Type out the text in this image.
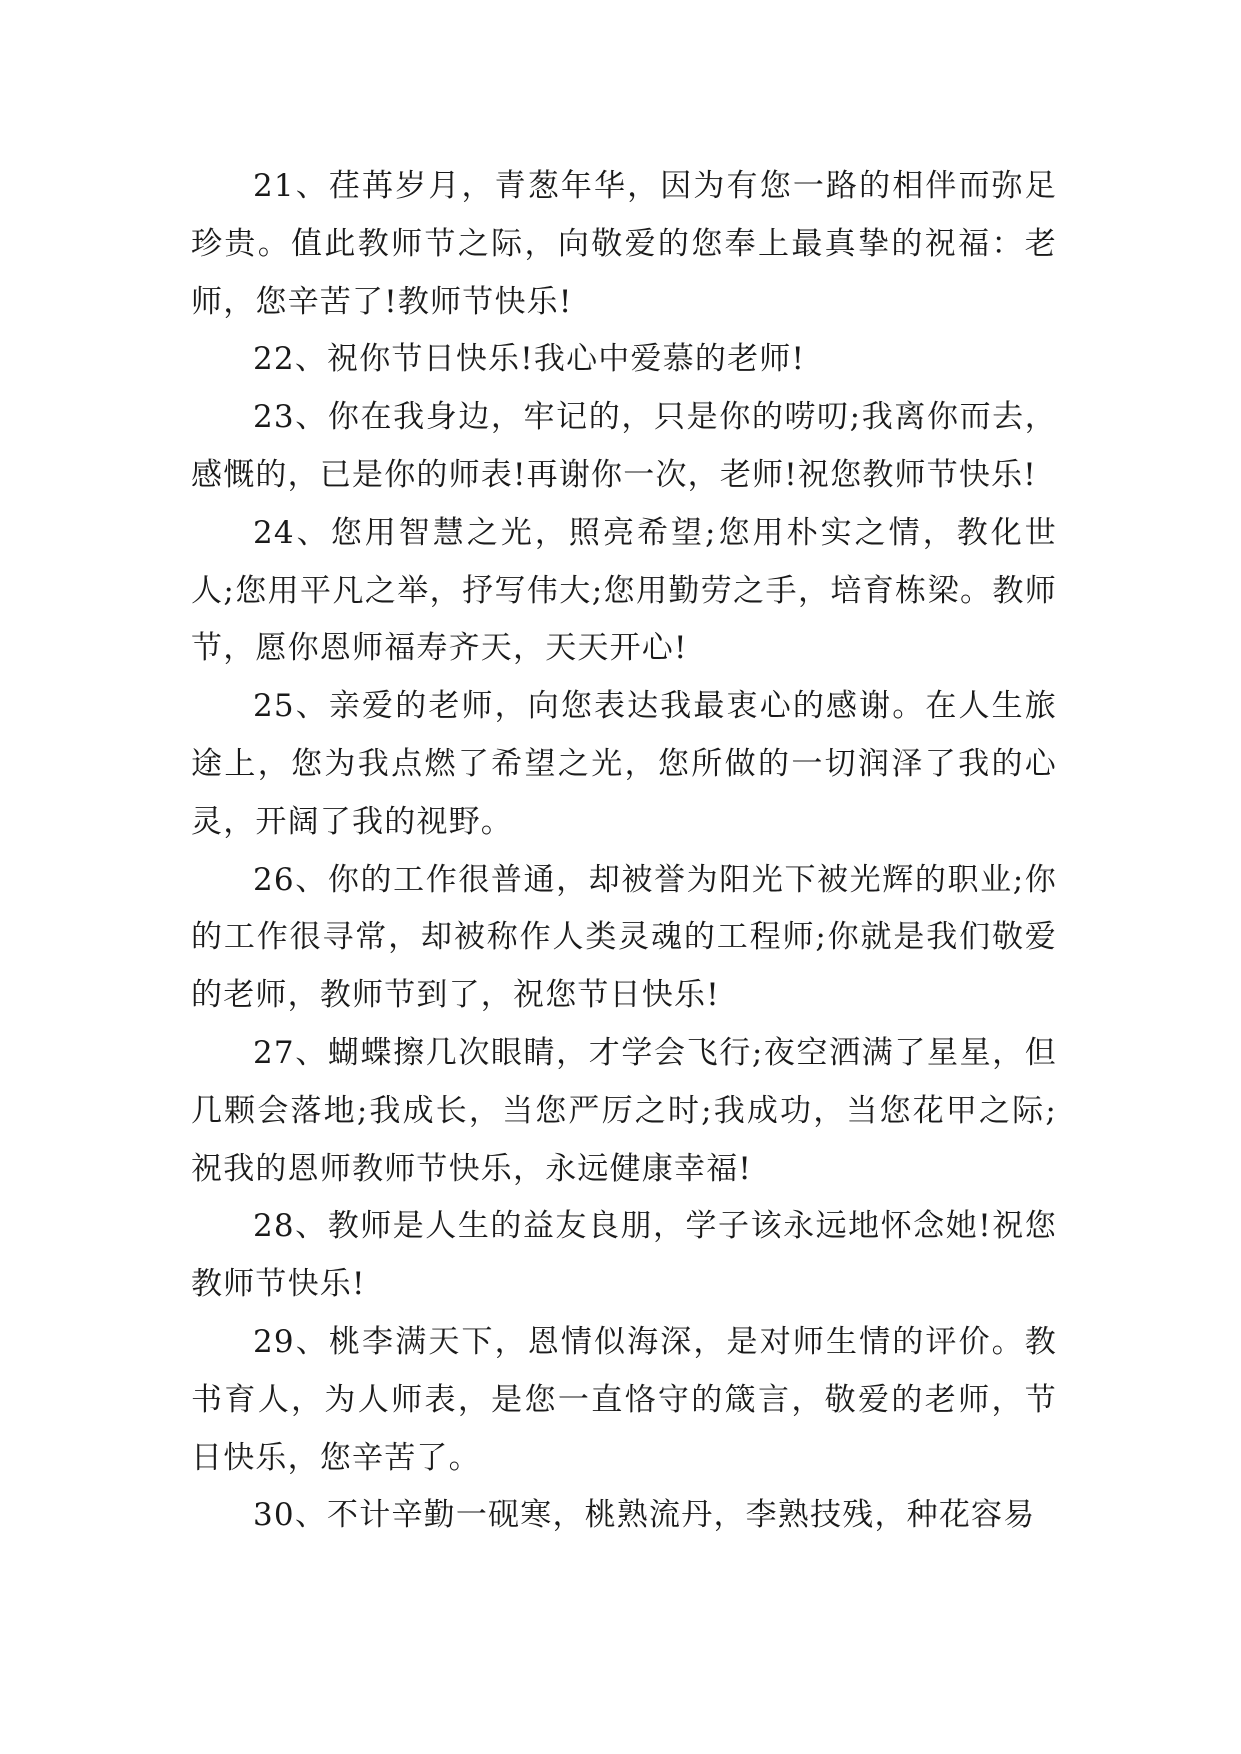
21、荏苒岁月，青葱年华，因为有您一路的相伴而弥足珍贵。值此教师节之际，向敬爱的您奉上最真挚的祝福：老师，您辛苦了!教师节快乐!

22、祝你节日快乐!我心中爱慕的老师!

23、你在我身边，牢记的，只是你的唠叨;我离你而去，感慨的，已是你的师表!再谢你一次，老师!祝您教师节快乐!

24、您用智慧之光，照亮希望;您用朴实之情，教化世人;您用平凡之举，抒写伟大;您用勤劳之手，培育栋梁。教师节，愿你恩师福寿齐天，天天开心!

25、亲爱的老师，向您表达我最衷心的感谢。在人生旅途上，您为我点燃了希望之光，您所做的一切润泽了我的心灵，开阔了我的视野。

26、你的工作很普通，却被誉为阳光下被光辉的职业;你的工作很寻常，却被称作人类灵魂的工程师;你就是我们敬爱的老师，教师节到了，祝您节日快乐!

27、蝴蝶擦几次眼睛，才学会飞行;夜空洒满了星星，但几颗会落地;我成长，当您严厉之时;我成功，当您花甲之际;祝我的恩师教师节快乐，永远健康幸福!

28、教师是人生的益友良朋，学子该永远地怀念她!祝您教师节快乐!

29、桃李满天下，恩情似海深，是对师生情的评价。教书育人，为人师表，是您一直恪守的箴言，敬爱的老师，节日快乐，您辛苦了。

30、不计辛勤一砚寒，桃熟流丹，李熟技残，种花容易
